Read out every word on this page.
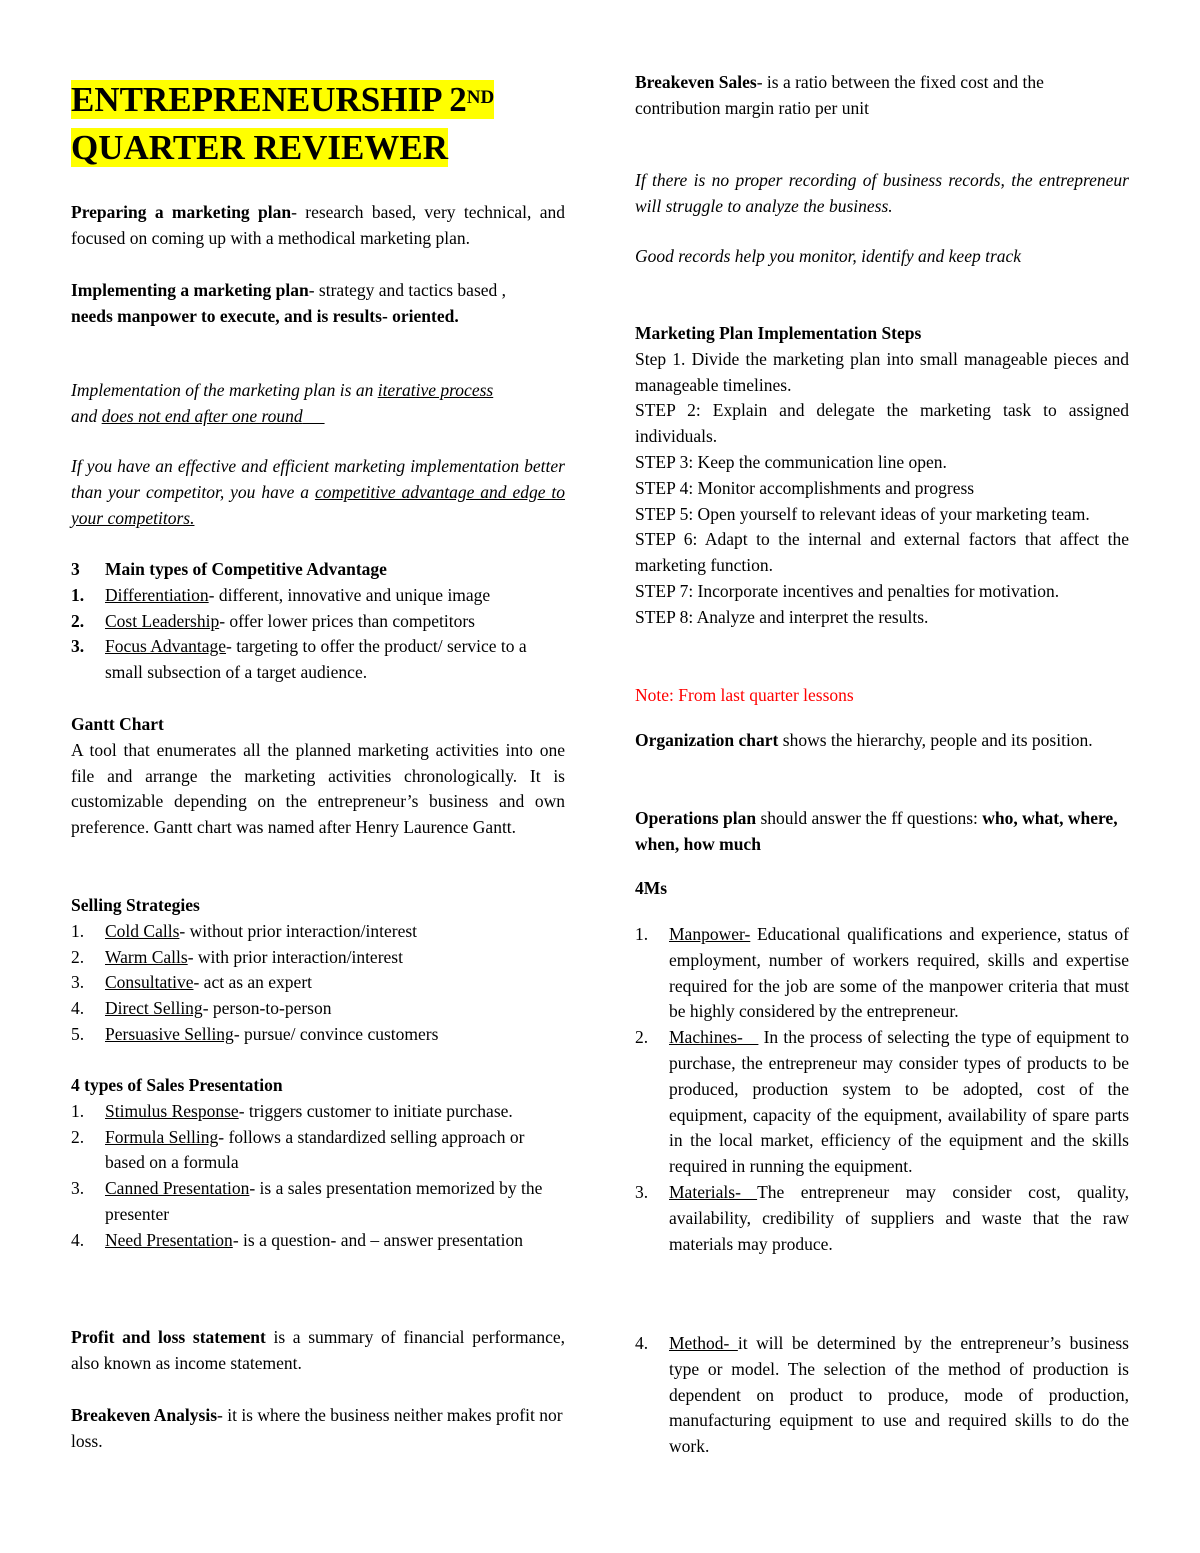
ENTREPRENEURSHIP 2ND
QUARTER REVIEWER

Preparing a marketing plan- research based, very technical, and focused on coming up with a methodical marketing plan.

Implementing a marketing plan- strategy and tactics based ,
needs manpower to execute, and is results- oriented.

Implementation of the marketing plan is an iterative process
and does not end after one round

If you have an effective and efficient marketing implementation better than your competitor, you have a competitive advantage and edge to your competitors.

3 Main types of Competitive Advantage

1. Differentiation- different, innovative and unique image
2. Cost Leadership- offer lower prices than competitors
3. Focus Advantage- targeting to offer the product/ service to a small subsection of a target audience.

Gantt Chart

A tool that enumerates all the planned marketing activities into one file and arrange the marketing activities chronologically. It is customizable depending on the entrepreneur’s business and own preference. Gantt chart was named after Henry Laurence Gantt.

Selling Strategies

1. Cold Calls- without prior interaction/interest
2. Warm Calls- with prior interaction/interest
3. Consultative- act as an expert
4. Direct Selling- person-to-person
5. Persuasive Selling- pursue/ convince customers

4 types of Sales Presentation

1. Stimulus Response- triggers customer to initiate purchase.
2. Formula Selling- follows a standardized selling approach or based on a formula
3. Canned Presentation- is a sales presentation memorized by the presenter
4. Need Presentation- is a question- and – answer presentation

Profit and loss statement is a summary of financial performance, also known as income statement.

Breakeven Analysis- it is where the business neither makes profit nor loss.

Breakeven Sales- is a ratio between the fixed cost and the contribution margin ratio per unit

If there is no proper recording of business records, the entrepreneur will struggle to analyze the business.

Good records help you monitor, identify and keep track

Marketing Plan Implementation Steps

Step 1. Divide the marketing plan into small manageable pieces and manageable timelines.

STEP 2: Explain and delegate the marketing task to assigned individuals.

STEP 3: Keep the communication line open.

STEP 4: Monitor accomplishments and progress

STEP 5: Open yourself to relevant ideas of your marketing team.

STEP 6: Adapt to the internal and external factors that affect the marketing function.

STEP 7: Incorporate incentives and penalties for motivation.

STEP 8: Analyze and interpret the results.

Note: From last quarter lessons

Organization chart shows the hierarchy, people and its position.

Operations plan should answer the ff questions: who, what, where, when, how much

4Ms

1. Manpower- Educational qualifications and experience, status of employment, number of workers required, skills and expertise required for the job are some of the manpower criteria that must be highly considered by the entrepreneur.
2. Machines-    In the process of selecting the type of equipment to purchase, the entrepreneur may consider types of products to be produced, production system to be adopted, cost of the equipment, capacity of the equipment, availability of spare parts in the local market, efficiency of the equipment and the skills required in running the equipment.
3. Materials- The entrepreneur may consider cost, quality, availability, credibility of suppliers and waste that the raw materials may produce.
4. Method- it will be determined by the entrepreneur’s business type or model. The selection of the method of production is dependent on product to produce, mode of production, manufacturing equipment to use and required skills to do the work.
